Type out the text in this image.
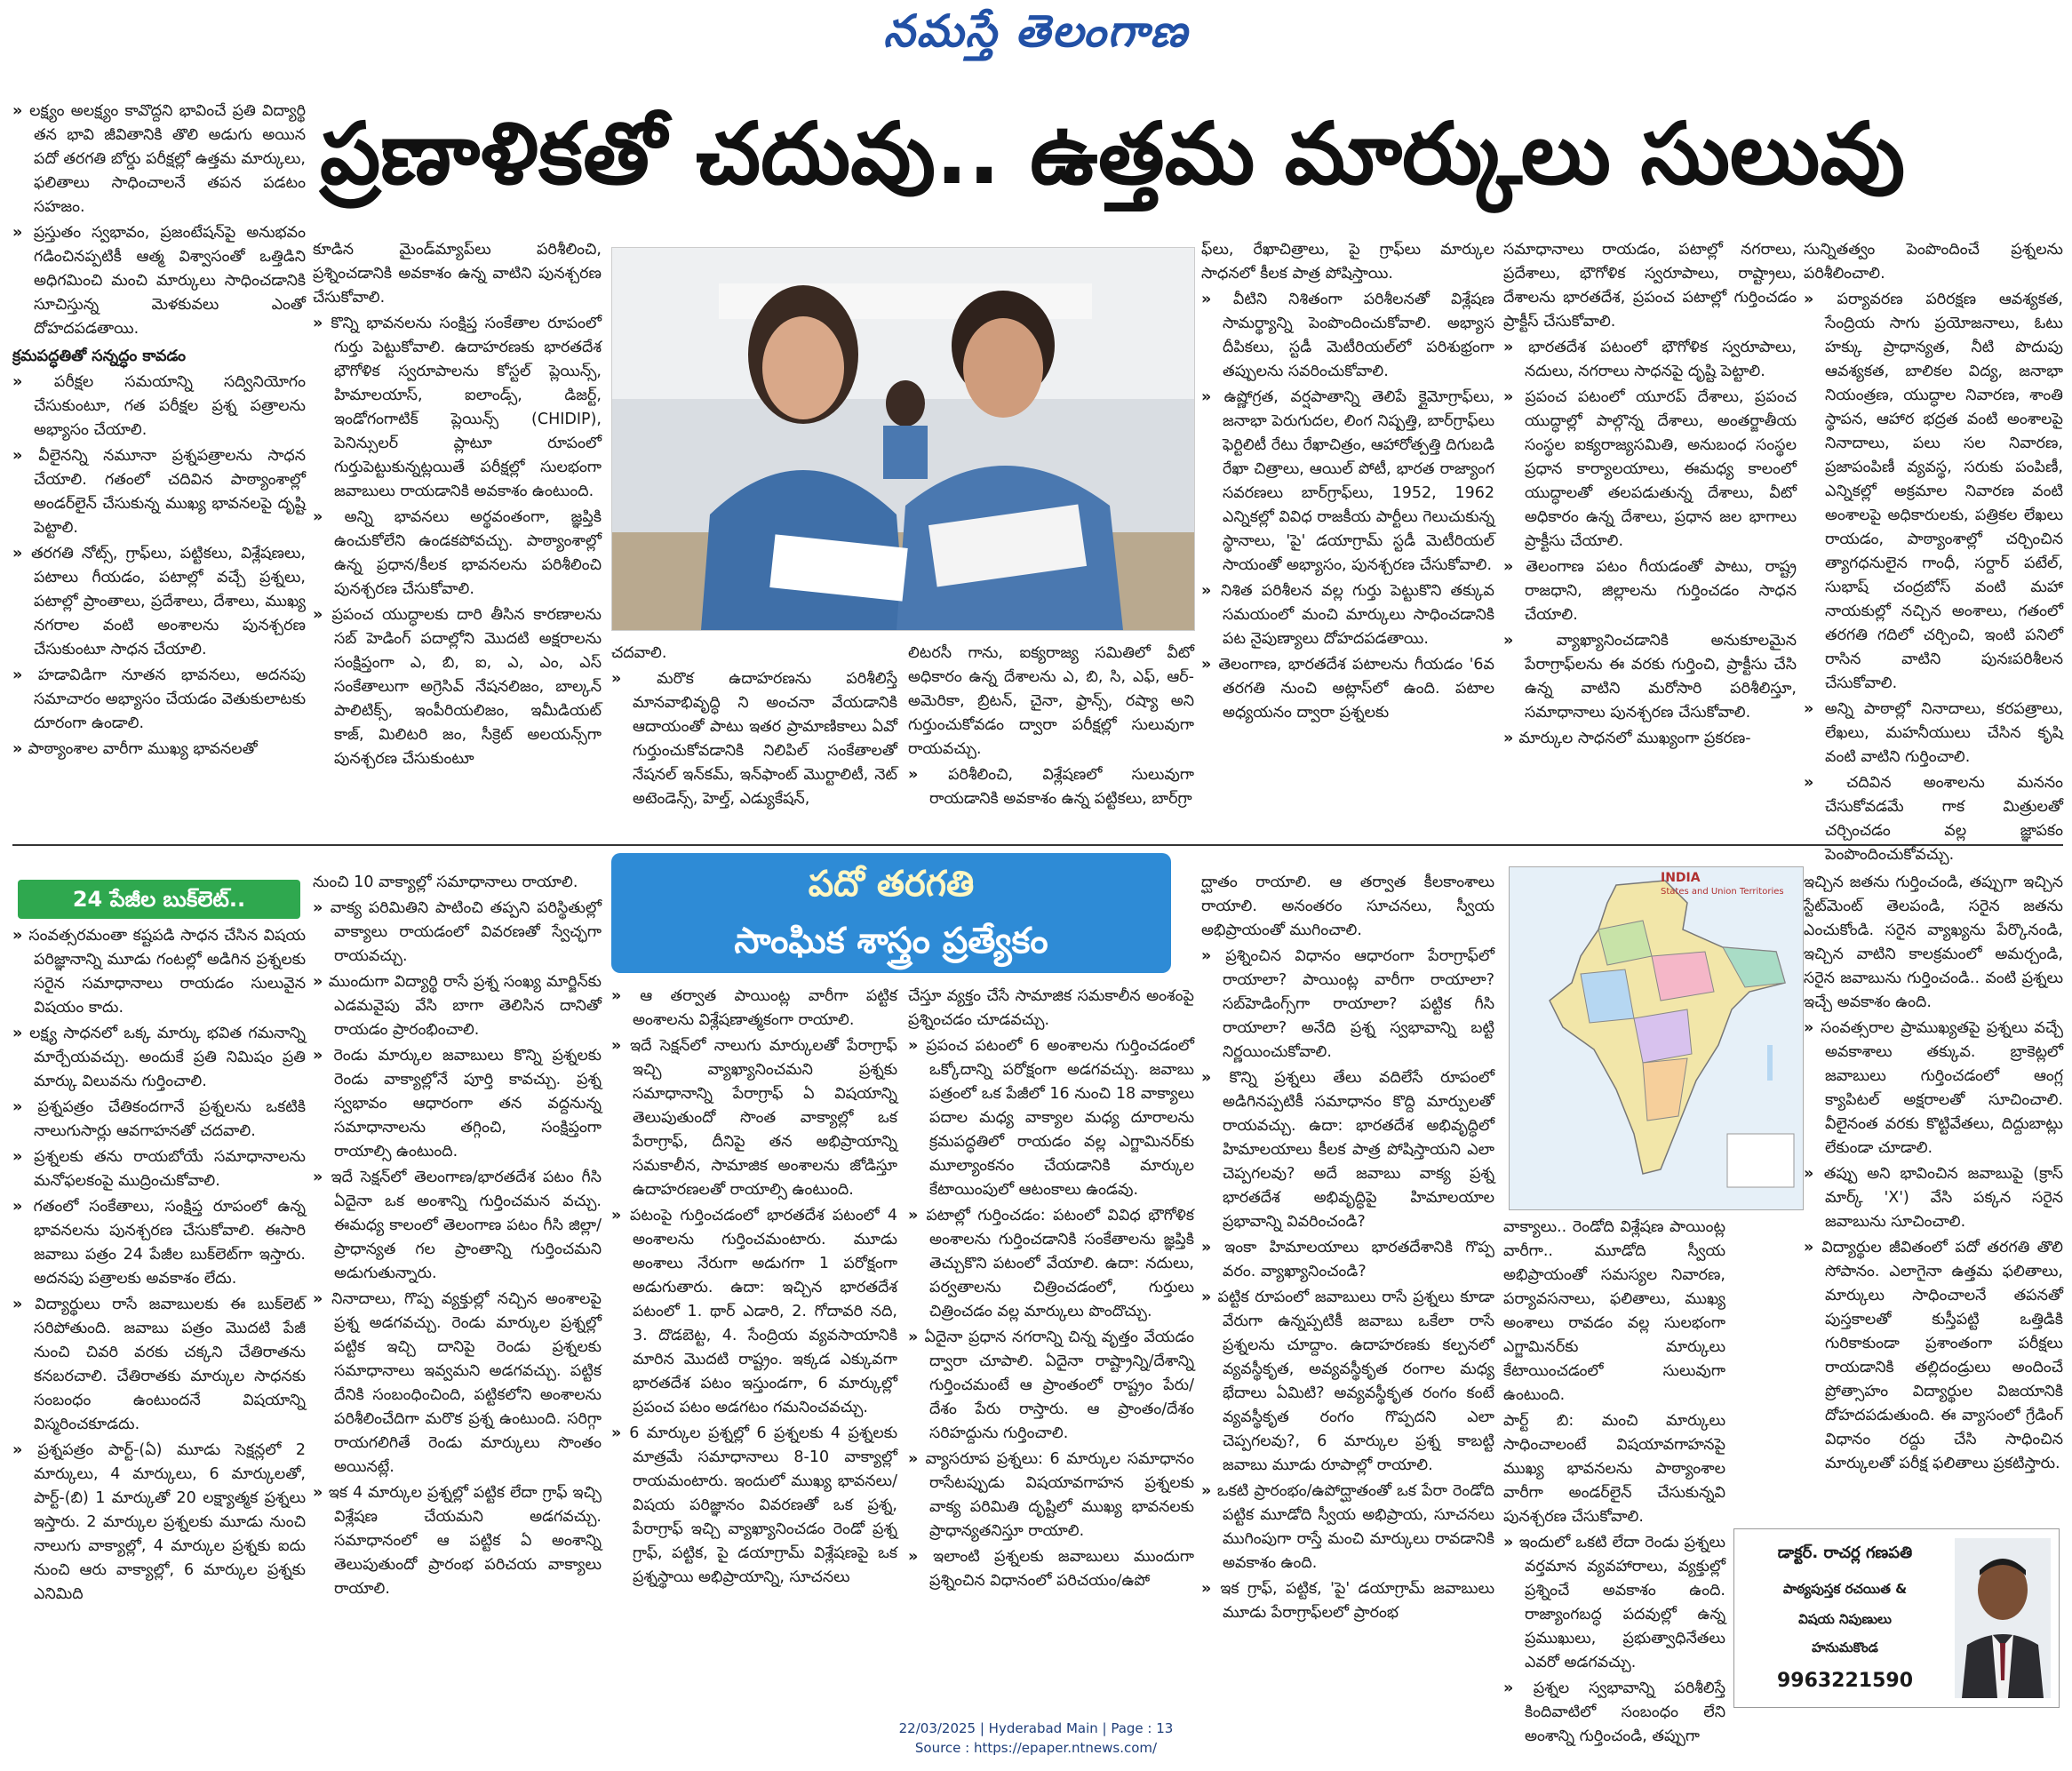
నమస్తే తెలంగాణ
ప్రణాళికతో చదువు.. ఉత్తమ మార్కులు సులువు

» లక్ష్యం అలక్ష్యం కావొద్దని భావించే ప్రతి విద్యార్థి తన భావి జీవితానికి తొలి అడుగు అయిన పదో తరగతి బోర్డు పరీక్షల్లో ఉత్తమ మార్కులు, ఫలితాలు సాధించాలనే తపన పడటం సహజం.

» ప్రస్తుతం స్వభావం, ప్రజంటేషన్‌పై అనుభవం గడించినప్పటికీ ఆత్మ విశ్వాసంతో ఒత్తిడిని అధిగమించి మంచి మార్కులు సాధించడానికి సూచిస్తున్న మెళకువలు ఎంతో దోహదపడతాయి.

క్రమపద్ధతితో సన్నద్ధం కావడం

» పరీక్షల సమయాన్ని సద్వినియోగం చేసుకుంటూ, గత పరీక్షల ప్రశ్న పత్రాలను అభ్యాసం చేయాలి.

» వీలైనన్ని నమూనా ప్రశ్నపత్రాలను సాధన చేయాలి. గతంలో చదివిన పాఠ్యాంశాల్లో అండర్‌లైన్ చేసుకున్న ముఖ్య భావనలపై దృష్టి పెట్టాలి.

» తరగతి నోట్స్, గ్రాఫ్‌లు, పట్టికలు, విశ్లేషణలు, పటాలు గీయడం, పటాల్లో వచ్చే ప్రశ్నలు, పటాల్లో ప్రాంతాలు, ప్రదేశాలు, దేశాలు, ముఖ్య నగరాల వంటి అంశాలను పునశ్చరణ చేసుకుంటూ సాధన చేయాలి.

» హడావిడిగా నూతన భావనలు, అదనపు సమాచారం అభ్యాసం చేయడం వెతుకులాటకు దూరంగా ఉండాలి.

» పాఠ్యాంశాల వారీగా ముఖ్య భావనలతో

కూడిన మైండ్‌మ్యాప్‌లు పరిశీలించి, ప్రశ్నించడానికి అవకాశం ఉన్న వాటిని పునశ్చరణ చేసుకోవాలి.

» కొన్ని భావనలను సంక్షిప్త సంకేతాల రూపంలో గుర్తు పెట్టుకోవాలి. ఉదాహరణకు భారతదేశ భౌగోళిక స్వరూపాలను కోస్టల్ ప్లెయిన్స్, హిమాలయాస్, ఐలాండ్స్, డిజర్ట్, ఇండోగంగాటిక్ ప్లెయిన్స్ (CHIDIP), పెనిన్సులర్ ప్లాటూ రూపంలో గుర్తుపెట్టుకున్నట్లయితే పరీక్షల్లో సులభంగా జవాబులు రాయడానికి అవకాశం ఉంటుంది.

» అన్ని భావనలు అర్థవంతంగా, జ్ఞప్తికి ఉంచుకోలేని ఉండకపోవచ్చు. పాఠ్యాంశాల్లో ఉన్న ప్రధాన/కీలక భావనలను పరిశీలించి పునశ్చరణ చేసుకోవాలి.

» ప్రపంచ యుద్ధాలకు దారి తీసిన కారణాలను సబ్ హెడింగ్ పదాల్లోని మొదటి అక్షరాలను సంక్షిప్తంగా ఎ, బి, ఐ, ఎ, ఎం, ఎస్ సంకేతాలుగా అగ్రెసివ్ నేషనలిజం, బాల్కన్ పాలిటిక్స్, ఇంపీరియలిజం, ఇమీడియట్ కాజ్, మిలిటరి జం, సీక్రెట్ అలయన్స్‌గా పునశ్చరణ చేసుకుంటూ

చదవాలి.

» మరొక ఉదాహరణను పరిశీలిస్తే మానవాభివృద్ధి ని అంచనా వేయడానికి ఆదాయంతో పాటు ఇతర ప్రామాణికాలు ఏవో గుర్తుంచుకోవడానికి నిలిపిల్ సంకేతాలతో నేషనల్ ఇన్‌కమ్, ఇన్‌ఫాంట్ మొర్టాలిటీ, నెట్ అటెండెన్స్, హెల్త్, ఎడ్యుకేషన్,

లిటరసీ గాను, ఐక్యరాజ్య సమితిలో వీటో అధికారం ఉన్న దేశాలను ఎ, బి, సి, ఎఫ్, ఆర్- అమెరికా, బ్రిటన్, చైనా, ఫ్రాన్స్, రష్యా అని గుర్తుంచుకోవడం ద్వారా పరీక్షల్లో సులువుగా రాయవచ్చు.

» పరిశీలించి, విశ్లేషణలో సులువుగా రాయడానికి అవకాశం ఉన్న పట్టికలు, బార్‌గ్రా

ఫ్‌లు, రేఖాచిత్రాలు, పై గ్రాఫ్‌లు మార్కుల సాధనలో కీలక పాత్ర పోషిస్తాయి.

» వీటిని నిశితంగా పరిశీలనతో విశ్లేషణ సామర్థ్యాన్ని పెంపొందించుకోవాలి. అభ్యాస దీపికలు, స్టడీ మెటీరియల్‌లో పరిశుభ్రంగా తప్పులను సవరించుకోవాలి.

» ఉష్ణోగ్రత, వర్షపాతాన్ని తెలిపే క్లైమోగ్రాఫ్‌లు, జనాభా పెరుగుదల, లింగ నిష్పత్తి, బార్‌గ్రాఫ్‌లు ఫెర్టిలిటీ రేటు రేఖాచిత్రం, ఆహారోత్పత్తి దిగుబడి రేఖా చిత్రాలు, ఆయిల్ పోటీ, భారత రాజ్యాంగ సవరణలు బార్‌గ్రాఫ్‌లు, 1952, 1962 ఎన్నికల్లో వివిధ రాజకీయ పార్టీలు గెలుచుకున్న స్థానాలు, 'పై' డయాగ్రామ్ స్టడీ మెటీరియల్ సాయంతో అభ్యాసం, పునశ్చరణ చేసుకోవాలి.

» నిశిత పరిశీలన వల్ల గుర్తు పెట్టుకొని తక్కువ సమయంలో మంచి మార్కులు సాధించడానికి పట నైపుణ్యాలు దోహదపడతాయి.

» తెలంగాణ, భారతదేశ పటాలను గీయడం '6వ తరగతి నుంచి అట్లాస్‌లో ఉంది. పటాల అధ్యయనం ద్వారా ప్రశ్నలకు

సమాధానాలు రాయడం, పటాల్లో నగరాలు, ప్రదేశాలు, భౌగోళిక స్వరూపాలు, రాష్ట్రాలు, దేశాలను భారతదేశ, ప్రపంచ పటాల్లో గుర్తించడం ప్రాక్టీస్ చేసుకోవాలి.

» భారతదేశ పటంలో భౌగోళిక స్వరూపాలు, నదులు, నగరాలు సాధనపై దృష్టి పెట్టాలి.

» ప్రపంచ పటంలో యూరప్ దేశాలు, ప్రపంచ యుద్ధాల్లో పాల్గొన్న దేశాలు, అంతర్జాతీయ సంస్థల ఐక్యరాజ్యసమితి, అనుబంధ సంస్థల ప్రధాన కార్యాలయాలు, ఈమధ్య కాలంలో యుద్ధాలతో తలపడుతున్న దేశాలు, వీటో అధికారం ఉన్న దేశాలు, ప్రధాన జల భాగాలు ప్రాక్టీసు చేయాలి.

» తెలంగాణ పటం గీయడంతో పాటు, రాష్ట్ర రాజధాని, జిల్లాలను గుర్తించడం సాధన చేయాలి.

» వ్యాఖ్యానించడానికి అనుకూలమైన పేరాగ్రాఫ్‌లను ఈ వరకు గుర్తించి, ప్రాక్టీసు చేసి ఉన్న వాటిని మరోసారి పరిశీలిస్తూ, సమాధానాలు పునశ్చరణ చేసుకోవాలి.

» మార్కుల సాధనలో ముఖ్యంగా ప్రకరణ-

సున్నితత్వం పెంపొందించే ప్రశ్నలను పరిశీలించాలి.

» పర్యావరణ పరిరక్షణ ఆవశ్యకత, సేంద్రియ సాగు ప్రయోజనాలు, ఓటు హక్కు ప్రాధాన్యత, నీటి పొదుపు ఆవశ్యకత, బాలికల విద్య, జనాభా నియంత్రణ, యుద్ధాల నివారణ, శాంతి స్థాపన, ఆహార భద్రత వంటి అంశాలపై నినాదాలు, పలు సల నివారణ, ప్రజాపంపిణీ వ్యవస్థ, సరుకు పంపిణీ, ఎన్నికల్లో అక్రమాల నివారణ వంటి అంశాలపై అధికారులకు, పత్రికల లేఖలు రాయడం, పాఠ్యాంశాల్లో చర్చించిన త్యాగధనులైన గాంధీ, సర్దార్ పటేల్, సుభాష్ చంద్రబోస్ వంటి మహా నాయకుల్లో నచ్చిన అంశాలు, గతంలో తరగతి గదిలో చర్చించి, ఇంటి పనిలో రాసిన వాటిని పునఃపరిశీలన చేసుకోవాలి.

» అన్ని పాఠాల్లో నినాదాలు, కరపత్రాలు, లేఖలు, మహనీయులు చేసిన కృషి వంటి వాటిని గుర్తించాలి.

» చదివిన అంశాలను మననం చేసుకోవడమే గాక మిత్రులతో చర్చించడం వల్ల జ్ఞాపకం పెంపొందించుకోవచ్చు.

24 పేజీల బుక్‌లెట్..	పదో తరగతి
సాంఘిక శాస్త్రం ప్రత్యేకం
INDIA
States and Union Territories

» సంవత్సరమంతా కష్టపడి సాధన చేసిన విషయ పరిజ్ఞానాన్ని మూడు గంటల్లో అడిగిన ప్రశ్నలకు సరైన సమాధానాలు రాయడం సులువైన విషయం కాదు.

» లక్ష్య సాధనలో ఒక్క మార్కు భవిత గమనాన్ని మార్చేయవచ్చు. అందుకే ప్రతి నిమిషం ప్రతి మార్కు విలువను గుర్తించాలి.

» ప్రశ్నపత్రం చేతికందగానే ప్రశ్నలను ఒకటికి నాలుగుసార్లు ఆవగాహనతో చదవాలి.

» ప్రశ్నలకు తను రాయబోయే సమాధానాలను మనోఫలకంపై ముద్రించుకోవాలి.

» గతంలో సంకేతాలు, సంక్షిప్త రూపంలో ఉన్న భావనలను పునశ్చరణ చేసుకోవాలి. ఈసారి జవాబు పత్రం 24 పేజీల బుక్‌లెట్‌గా ఇస్తారు. అదనపు పత్రాలకు అవకాశం లేదు.

» విద్యార్థులు రాసే జవాబులకు ఈ బుక్‌లెట్ సరిపోతుంది. జవాబు పత్రం మొదటి పేజీ నుంచి చివరి వరకు చక్కని చేతిరాతను కనబరచాలి. చేతిరాతకు మార్కుల సాధనకు సంబంధం ఉంటుందనే విషయాన్ని విస్మరించకూడదు.

» ప్రశ్నపత్రం పార్ట్-(ఏ) మూడు సెక్షన్లలో 2 మార్కులు, 4 మార్కులు, 6 మార్కులతో, పార్ట్-(బి) 1 మార్కుతో 20 లక్ష్యాత్మక ప్రశ్నలు ఇస్తారు. 2 మార్కుల ప్రశ్నలకు మూడు నుంచి నాలుగు వాక్యాల్లో, 4 మార్కుల ప్రశ్నకు ఐదు నుంచి ఆరు వాక్యాల్లో, 6 మార్కుల ప్రశ్నకు ఎనిమిది

నుంచి 10 వాక్యాల్లో సమాధానాలు రాయాలి.

» వాక్య పరిమితిని పాటించి తప్పని పరిస్థితుల్లో వాక్యాలు రాయడంలో వివరణతో స్వేచ్ఛగా రాయవచ్చు.

» ముందుగా విద్యార్థి రాసే ప్రశ్న సంఖ్య మార్జిన్‌కు ఎడమవైపు వేసి బాగా తెలిసిన దానితో రాయడం ప్రారంభించాలి.

» రెండు మార్కుల జవాబులు కొన్ని ప్రశ్నలకు రెండు వాక్యాల్లోనే పూర్తి కావచ్చు. ప్రశ్న స్వభావం ఆధారంగా తన వద్దనున్న సమాధానాలను తగ్గించి, సంక్షిప్తంగా రాయాల్సి ఉంటుంది.

» ఇదే సెక్షన్‌లో తెలంగాణ/భారతదేశ పటం గీసి ఏదైనా ఒక అంశాన్ని గుర్తించమన వచ్చు. ఈమధ్య కాలంలో తెలంగాణ పటం గీసి జిల్లా/ప్రాధాన్యత గల ప్రాంతాన్ని గుర్తించమని అడుగుతున్నారు.

» నినాదాలు, గొప్ప వ్యక్తుల్లో నచ్చిన అంశాలపై ప్రశ్న అడగవచ్చు. రెండు మార్కుల ప్రశ్నల్లో పట్టిక ఇచ్చి దానిపై రెండు ప్రశ్నలకు సమాధానాలు ఇవ్వమని అడగవచ్చు. పట్టిక దేనికి సంబంధించింది, పట్టికలోని అంశాలను పరిశీలించేదిగా మరొక ప్రశ్న ఉంటుంది. సరిగ్గా రాయగలిగితే రెండు మార్కులు సొంతం అయినట్లే.

» ఇక 4 మార్కుల ప్రశ్నల్లో పట్టిక లేదా గ్రాఫ్ ఇచ్చి విశ్లేషణ చేయమని అడగవచ్చు. సమాధానంలో ఆ పట్టిక ఏ అంశాన్ని తెలుపుతుందో ప్రారంభ పరిచయ వాక్యాలు రాయాలి.

» ఆ తర్వాత పాయింట్ల వారీగా పట్టిక అంశాలను విశ్లేషణాత్మకంగా రాయాలి.

» ఇదే సెక్షన్‌లో నాలుగు మార్కులతో పేరాగ్రాఫ్ ఇచ్చి వ్యాఖ్యానించమని ప్రశ్నకు సమాధానాన్ని పేరాగ్రాఫ్ ఏ విషయాన్ని తెలుపుతుందో సొంత వాక్యాల్లో ఒక పేరాగ్రాఫ్, దీనిపై తన అభిప్రాయాన్ని సమకాలీన, సామాజిక అంశాలను జోడిస్తూ ఉదాహరణలతో రాయాల్సి ఉంటుంది.

» పటంపై గుర్తించడంలో భారతదేశ పటంలో 4 అంశాలను గుర్తించమంటారు. మూడు అంశాలు నేరుగా అడుగగా 1 పరోక్షంగా అడుగుతారు. ఉదా: ఇచ్చిన భారతదేశ పటంలో 1. థార్ ఎడారి, 2. గోదావరి నది, 3. దొడబెట్ట, 4. సేంద్రియ వ్యవసాయానికి మారిన మొదటి రాష్ట్రం. ఇక్కడ ఎక్కువగా భారతదేశ పటం ఇస్తుండగా, 6 మార్కుల్లో ప్రపంచ పటం అడగటం గమనించవచ్చు.

» 6 మార్కుల ప్రశ్నల్లో 6 ప్రశ్నలకు 4 ప్రశ్నలకు మాత్రమే సమాధానాలు 8-10 వాక్యాల్లో రాయమంటారు. ఇందులో ముఖ్య భావనలు/విషయ పరిజ్ఞానం వివరణతో ఒక ప్రశ్న, పేరాగ్రాఫ్ ఇచ్చి వ్యాఖ్యానించడం రెండో ప్రశ్న గ్రాఫ్, పట్టిక, పై డయాగ్రామ్ విశ్లేషణపై ఒక ప్రశ్నస్థాయి అభిప్రాయాన్ని, సూచనలు

చేస్తూ వ్యక్తం చేసే సామాజిక సమకాలీన అంశంపై ప్రశ్నించడం చూడవచ్చు.

» ప్రపంచ పటంలో 6 అంశాలను గుర్తించడంలో ఒక్కోదాన్ని పరోక్షంగా అడగవచ్చు. జవాబు పత్రంలో ఒక పేజీలో 16 నుంచి 18 వాక్యాలు పదాల మధ్య వాక్యాల మధ్య దూరాలను క్రమపద్ధతిలో రాయడం వల్ల ఎగ్జామినర్‌కు మూల్యాంకనం చేయడానికి మార్కుల కేటాయింపులో ఆటంకాలు ఉండవు.

» పటాల్లో గుర్తించడం: పటంలో వివిధ భౌగోళిక అంశాలను గుర్తించడానికి సంకేతాలను జ్ఞప్తికి తెచ్చుకొని పటంలో వేయాలి. ఉదా: నదులు, పర్వతాలను చిత్రించడంలో, గుర్తులు చిత్రించడం వల్ల మార్కులు పొందొచ్చు.

» ఏదైనా ప్రధాన నగరాన్ని చిన్న వృత్తం వేయడం ద్వారా చూపాలి. ఏదైనా రాష్ట్రాన్ని/దేశాన్ని గుర్తించమంటే ఆ ప్రాంతంలో రాష్ట్రం పేరు/దేశం పేరు రాస్తారు. ఆ ప్రాంతం/దేశం సరిహద్దును గుర్తించాలి.

» వ్యాసరూప ప్రశ్నలు: 6 మార్కుల సమాధానం రాసేటప్పుడు విషయావగాహన ప్రశ్నలకు వాక్య పరిమితి దృష్టిలో ముఖ్య భావనలకు ప్రాధాన్యతనిస్తూ రాయాలి.

» ఇలాంటి ప్రశ్నలకు జవాబులు ముందుగా ప్రశ్నించిన విధానంలో పరిచయం/ఉపో

ద్ఘాతం రాయాలి. ఆ తర్వాత కీలకాంశాలు రాయాలి. అనంతరం సూచనలు, స్వీయ అభిప్రాయంతో ముగించాలి.

» ప్రశ్నించిన విధానం ఆధారంగా పేరాగ్రాఫ్‌లో రాయాలా? పాయింట్ల వారీగా రాయాలా? సబ్‌హెడింగ్స్‌గా రాయాలా? పట్టిక గీసి రాయాలా? అనేది ప్రశ్న స్వభావాన్ని బట్టి నిర్ణయించుకోవాలి.

» కొన్ని ప్రశ్నలు తేలు వదిలేసే రూపంలో అడిగినప్పటికీ సమాధానం కొద్ది మార్పులతో రాయవచ్చు. ఉదా: భారతదేశ అభివృద్ధిలో హిమాలయాలు కీలక పాత్ర పోషిస్తాయని ఎలా చెప్పగలవు? అదే జవాబు వాక్య ప్రశ్న భారతదేశ అభివృద్ధిపై హిమాలయాల ప్రభావాన్ని వివరించండి?

» ఇంకా హిమాలయాలు భారతదేశానికి గొప్ప వరం. వ్యాఖ్యానించండి?

» పట్టిక రూపంలో జవాబులు రాసే ప్రశ్నలు కూడా వేరుగా ఉన్నప్పటికీ జవాబు ఒకేలా రాసే ప్రశ్నలను చూద్దాం. ఉదాహరణకు కల్పనలో వ్యవస్థీకృత, అవ్యవస్థీకృత రంగాల మధ్య భేదాలు ఏమిటి? అవ్యవస్థీకృత రంగం కంటే వ్యవస్థీకృత రంగం గొప్పదని ఎలా చెప్పగలవు?, 6 మార్కుల ప్రశ్న కాబట్టి జవాబు మూడు రూపాల్లో రాయాలి.

» ఒకటి ప్రారంభం/ఉపోద్ఘాతంతో ఒక పేరా రెండోది పట్టిక మూడోది స్వీయ అభిప్రాయ, సూచనలు ముగింపుగా రాస్తే మంచి మార్కులు రావడానికి అవకాశం ఉంది.

» ఇక గ్రాఫ్, పట్టిక, 'పై' డయాగ్రామ్ జవాబులు మూడు పేరాగ్రాఫ్‌లలో ప్రారంభ

వాక్యాలు.. రెండోది విశ్లేషణ పాయింట్ల వారీగా.. మూడోది స్వీయ అభిప్రాయంతో సమస్యల నివారణ, పర్యావసనాలు, ఫలితాలు, ముఖ్య అంశాలు రావడం వల్ల సులభంగా ఎగ్జామినర్‌కు మార్కులు కేటాయించడంలో సులువుగా ఉంటుంది.

పార్ట్ బి: మంచి మార్కులు సాధించాలంటే విషయావగాహనపై ముఖ్య భావనలను పాఠ్యాంశాల వారీగా అండర్‌లైన్ చేసుకున్నవి పునశ్చరణ చేసుకోవాలి.

» ఇందులో ఒకటి లేదా రెండు ప్రశ్నలు వర్తమాన వ్యవహారాలు, వ్యక్తుల్లో ప్రశ్నించే అవకాశం ఉంది. రాజ్యాంగబద్ధ పదవుల్లో ఉన్న ప్రముఖులు, ప్రభుత్వాధినేతలు ఎవరో అడగవచ్చు.

» ప్రశ్నల స్వభావాన్ని పరిశీలిస్తే కిందివాటిలో సంబంధం లేని అంశాన్ని గుర్తించండి, తప్పుగా

ఇచ్చిన జతను గుర్తించండి, తప్పుగా ఇచ్చిన స్టేట్‌మెంట్ తెలపండి, సరైన జతను ఎంచుకోండి. సరైన వ్యాఖ్యను పేర్కొనండి, ఇచ్చిన వాటిని కాలక్రమంలో అమర్చండి, సరైన జవాబును గుర్తించండి.. వంటి ప్రశ్నలు ఇచ్చే అవకాశం ఉంది.

» సంవత్సరాల ప్రాముఖ్యతపై ప్రశ్నలు వచ్చే అవకాశాలు తక్కువ. బ్రాకెట్లలో జవాబులు గుర్తించడంలో ఆంగ్ల క్యాపిటల్ అక్షరాలతో సూచించాలి. వీలైనంత వరకు కొట్టివేతలు, దిద్దుబాట్లు లేకుండా చూడాలి.

» తప్పు అని భావించిన జవాబుపై (క్రాస్ మార్క్ 'X') వేసి పక్కన సరైన జవాబును సూచించాలి.

» విద్యార్థుల జీవితంలో పదో తరగతి తొలి సోపానం. ఎలాగైనా ఉత్తమ ఫలితాలు, మార్కులు సాధించాలనే తపనతో పుస్తకాలతో కుస్తీపట్టి ఒత్తిడికి గురికాకుండా ప్రశాంతంగా పరీక్షలు రాయడానికి తల్లిదండ్రులు అందించే ప్రోత్సాహం విద్యార్థుల విజయానికి దోహదపడుతుంది. ఈ వ్యాసంలో గ్రేడింగ్ విధానం రద్దు చేసి సాధించిన మార్కులతో పరీక్ష ఫలితాలు ప్రకటిస్తారు.

డాక్టర్. రాచర్ల గణపతి
పాఠ్యపుస్తక రచయిత &
విషయ నిపుణులు
హనుమకొండ
9963221590
22/03/2025 | Hyderabad Main | Page : 13
Source : https://epaper.ntnews.com/
